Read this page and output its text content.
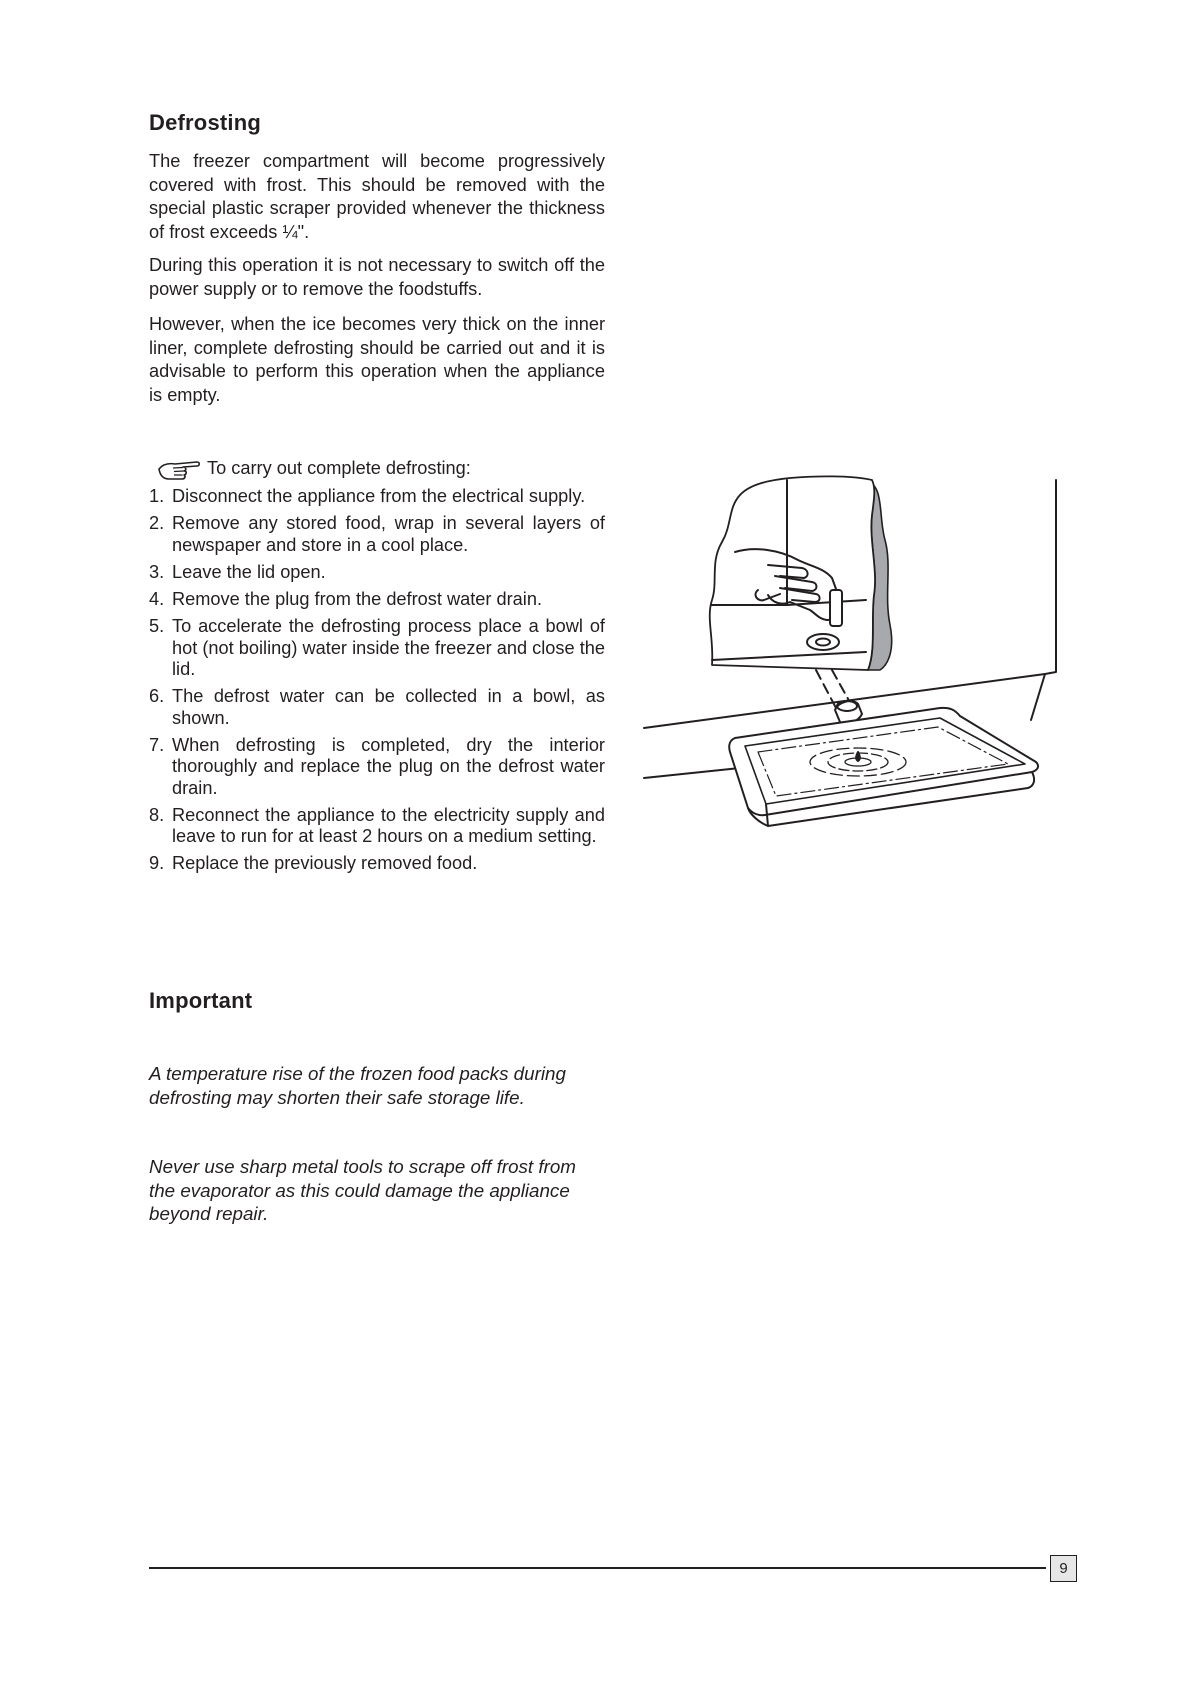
Defrosting

The freezer compartment will become progressively covered with frost. This should be removed with the special plastic scraper provided whenever the thickness of frost exceeds ¼".

During this operation it is not necessary to switch off the power supply or to remove the foodstuffs.

However, when the ice becomes very thick on the inner liner, complete defrosting should be carried out and it is advisable to perform this operation when the appliance is empty.

To carry out complete defrosting:
1. Disconnect the appliance from the electrical supply.
2. Remove any stored food, wrap in several layers of newspaper and store in a cool place.
3. Leave the lid open.
4. Remove the plug from the defrost water drain.
5. To accelerate the defrosting process place a bowl of hot (not boiling) water inside the freezer and close the lid.
6. The defrost water can be collected in a bowl, as shown.
7. When defrosting is completed, dry the interior thoroughly and replace the plug on the defrost water drain.
8. Reconnect the appliance to the electricity supply and leave to run for at least 2 hours on a medium setting.
9. Replace the previously removed food.
Important

A temperature rise of the frozen food packs during defrosting may shorten their safe storage life.

Never use sharp metal tools to scrape off frost from the evaporator as this could damage the appliance beyond repair.

9
